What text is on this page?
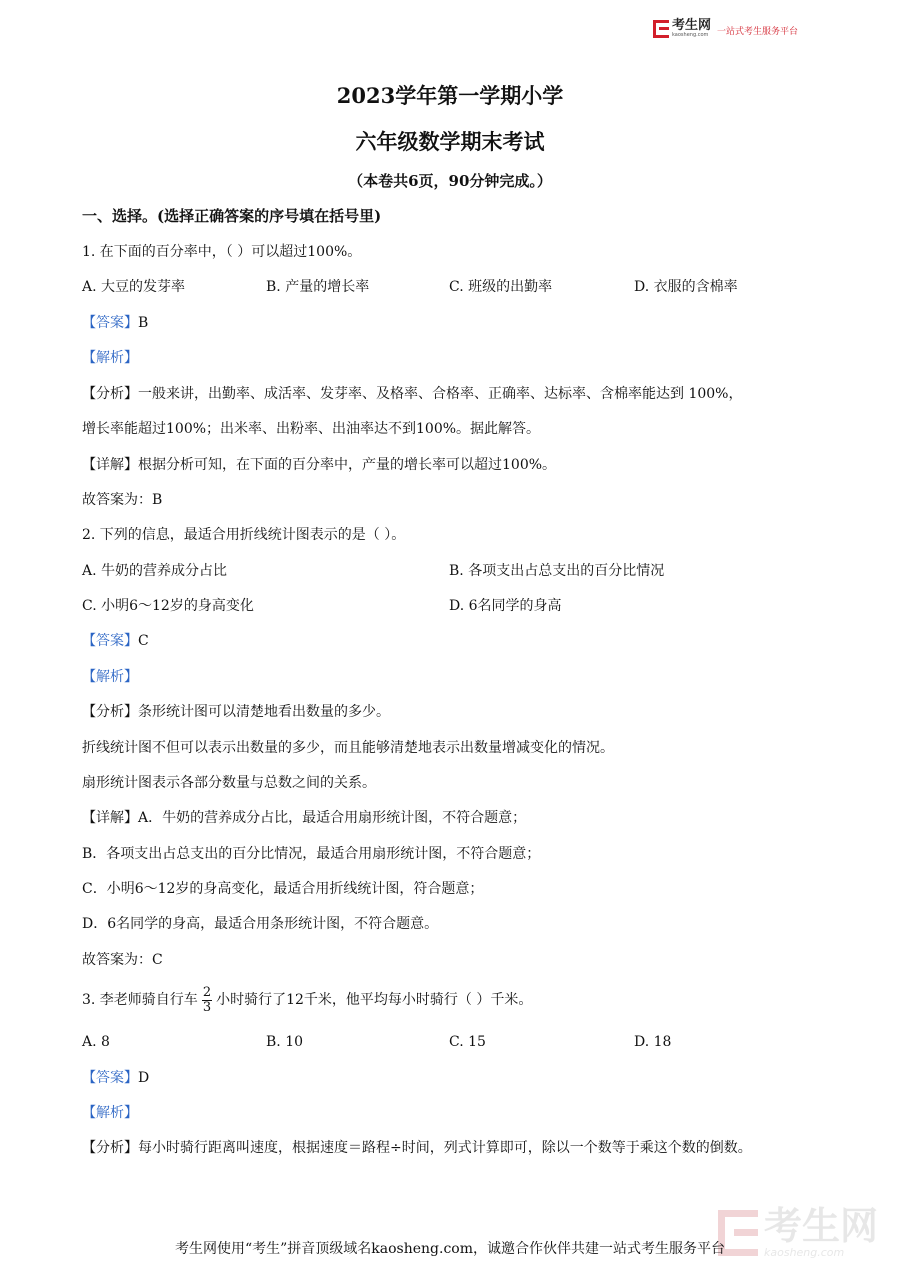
考生网
kaosheng.com 一站式考生服务平台
2023学年第一学期小学
六年级数学期末考试
（本卷共6页，90分钟完成。）
一、选择。(选择正确答案的序号填在括号里)
1. 在下面的百分率中，（ ）可以超过100%。
A. 大豆的发芽率	B. 产量的增长率	C. 班级的出勤率	D. 衣服的含棉率
【答案】B
【解析】
【分析】一般来讲，出勤率、成活率、发芽率、及格率、合格率、正确率、达标率、含棉率能达到 100%，
增长率能超过100%；出米率、出粉率、出油率达不到100%。据此解答。
【详解】根据分析可知，在下面的百分率中，产量的增长率可以超过100%。
故答案为：B
2. 下列的信息，最适合用折线统计图表示的是（ ）。
A. 牛奶的营养成分占比	B. 各项支出占总支出的百分比情况
C. 小明6～12岁的身高变化	D. 6名同学的身高
【答案】C
【解析】
【分析】条形统计图可以清楚地看出数量的多少。
折线统计图不但可以表示出数量的多少，而且能够清楚地表示出数量增减变化的情况。
扇形统计图表示各部分数量与总数之间的关系。
【详解】A．牛奶的营养成分占比，最适合用扇形统计图，不符合题意；
B．各项支出占总支出的百分比情况，最适合用扇形统计图，不符合题意；
C．小明6～12岁的身高变化，最适合用折线统计图，符合题意；
D．6名同学的身高，最适合用条形统计图，不符合题意。
故答案为：C
3. 李老师骑自行车 $\frac{2}{3}$ 小时骑行了12千米，他平均每小时骑行（ ）千米。
A. 8	B. 10	C. 15	D. 18
【答案】D
【解析】
【分析】每小时骑行距离叫速度，根据速度＝路程÷时间，列式计算即可，除以一个数等于乘这个数的倒数。
考生网
kaosheng.com
考生网使用“考生”拼音顶级域名kaosheng.com，诚邀合作伙伴共建一站式考生服务平台
